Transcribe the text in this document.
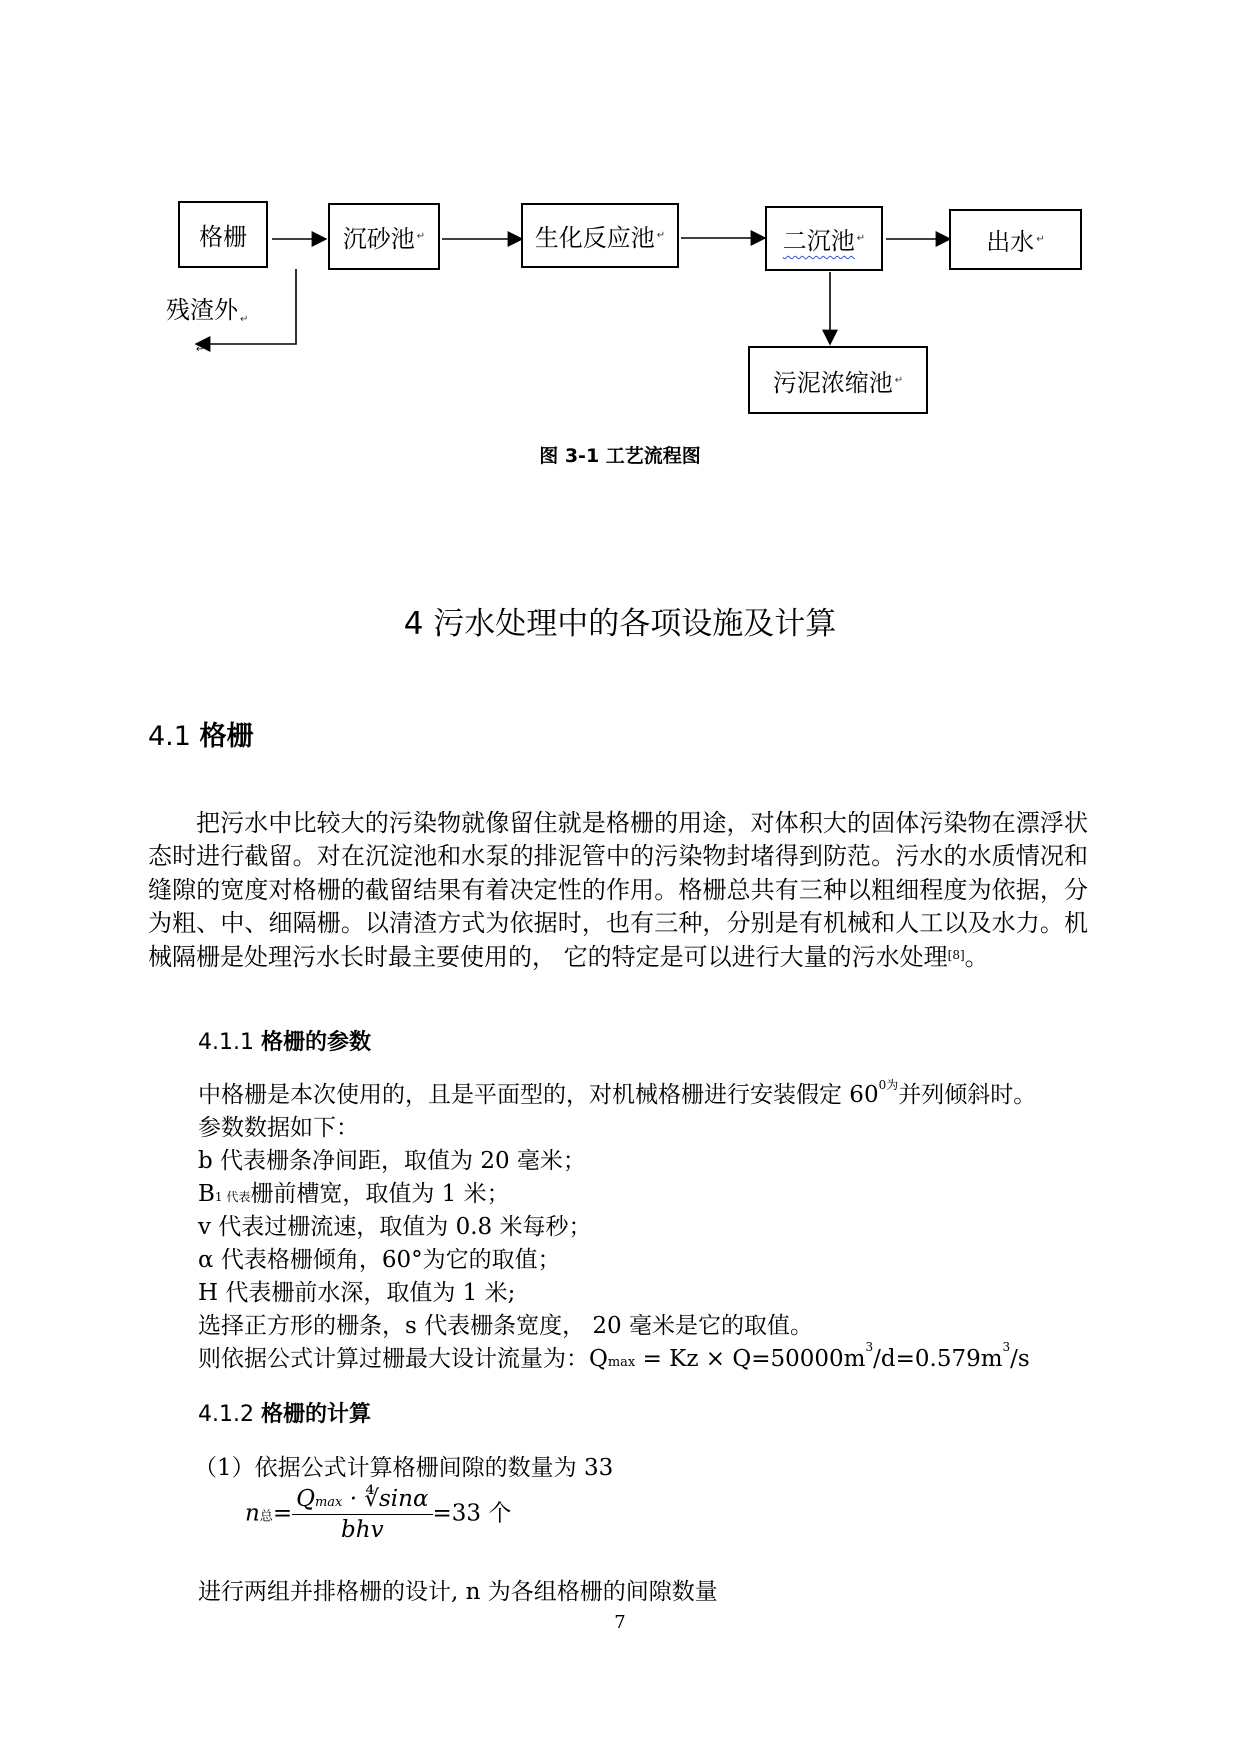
格栅	沉砂池 ↵	生化反应池 ↵	二沉池 ↵	出水 ↵
污泥浓缩池 ↵
残渣外 ↵
↵
图 3-1 工艺流程图
4 污水处理中的各项设施及计算
4.1 格栅
把污水中比较大的污染物就像留住就是格栅的用途，对体积大的固体污染物在漂浮状态时进行截留。对在沉淀池和水泵的排泥管中的污染物封堵得到防范。污水的水质情况和缝隙的宽度对格栅的截留结果有着决定性的作用。格栅总共有三种以粗细程度为依据，分为粗、中、细隔栅。以清渣方式为依据时，也有三种，分别是有机械和人工以及水力。机械隔栅是处理污水长时最主要使用的， 它的特定是可以进行大量的污水处理[8]。
4.1.1 格栅的参数
中格栅是本次使用的，且是平面型的，对机械格栅进行安装假定 $60^{0为}$并列倾斜时。
参数数据如下：
b 代表栅条净间距，取值为 20 毫米；
B1 代表栅前槽宽，取值为 1 米；
v 代表过栅流速，取值为 0.8 米每秒；
α 代表格栅倾角，60°为它的取值；
H 代表栅前水深，取值为 1 米;
选择正方形的栅条，s 代表栅条宽度， 20 毫米是它的取值。
则依据公式计算过栅最大设计流量为：$Qmax = Kz \times Q=50000m^3/d=0.579m^3/s$
4.1.2 格栅的计算
（1）依据公式计算格栅间隙的数量为 33
n总= $\frac{Qmax \cdot ∜\sin\alpha}{\text{bhv}} =33$ 个
进行两组并排格栅的设计, n 为各组格栅的间隙数量
7
